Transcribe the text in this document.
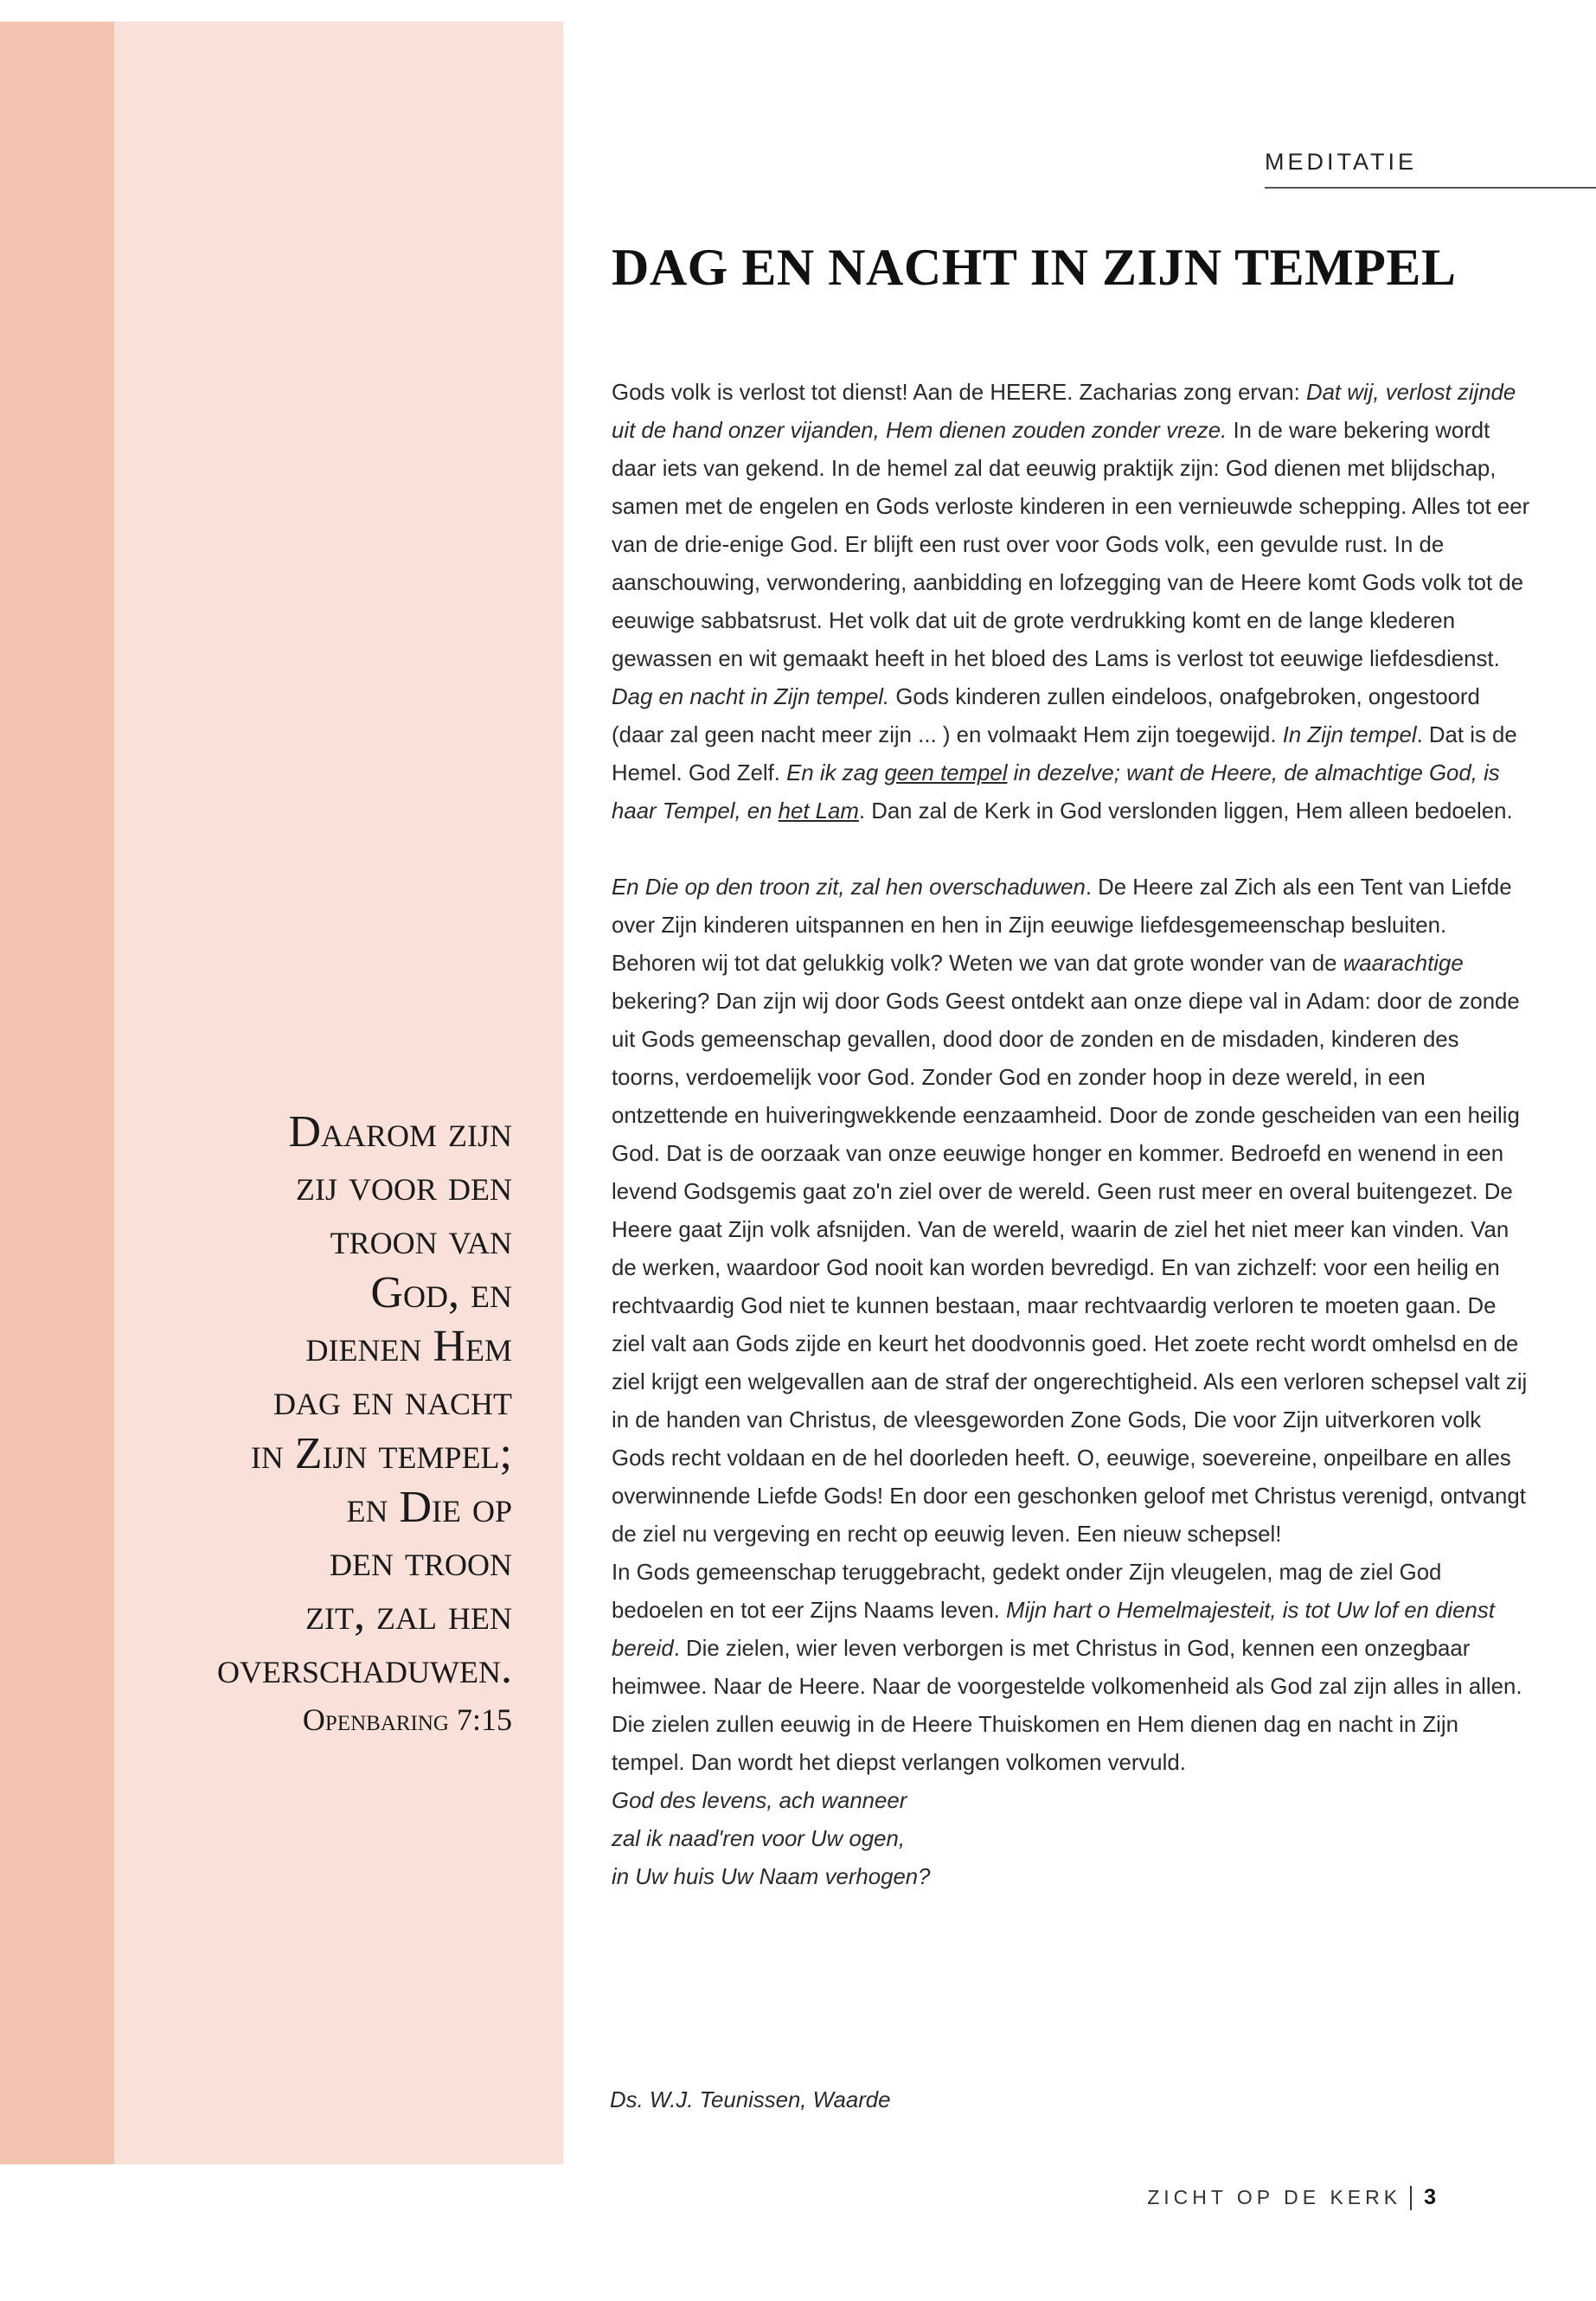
MEDITATIE
DAG EN NACHT IN ZIJN TEMPEL

Gods volk is verlost tot dienst! Aan de HEERE. Zacharias zong ervan: Dat wij, verlost zijnde uit de hand onzer vijanden, Hem dienen zouden zonder vreze. In de ware bekering wordt daar iets van gekend. In de hemel zal dat eeuwig praktijk zijn: God dienen met blijdschap, samen met de engelen en Gods verloste kinderen in een vernieuwde schepping. Alles tot eer van de drie-enige God. Er blijft een rust over voor Gods volk, een gevulde rust. In de aanschouwing, verwondering, aanbidding en lofzegging van de Heere komt Gods volk tot de eeuwige sabbatsrust. Het volk dat uit de grote verdrukking komt en de lange klederen gewassen en wit gemaakt heeft in het bloed des Lams is verlost tot eeuwige liefdesdienst. Dag en nacht in Zijn tempel. Gods kinderen zullen eindeloos, onafgebroken, ongestoord (daar zal geen nacht meer zijn ... ) en volmaakt Hem zijn toegewijd. In Zijn tempel. Dat is de Hemel. God Zelf. En ik zag geen tempel in dezelve; want de Heere, de almachtige God, is haar Tempel, en het Lam. Dan zal de Kerk in God verslonden liggen, Hem alleen bedoelen.

En Die op den troon zit, zal hen overschaduwen. De Heere zal Zich als een Tent van Liefde over Zijn kinderen uitspannen en hen in Zijn eeuwige liefdesgemeenschap besluiten. Behoren wij tot dat gelukkig volk? Weten we van dat grote wonder van de waarachtige bekering? Dan zijn wij door Gods Geest ontdekt aan onze diepe val in Adam: door de zonde uit Gods gemeenschap gevallen, dood door de zonden en de misdaden, kinderen des toorns, verdoemelijk voor God. Zonder God en zonder hoop in deze wereld, in een ontzettende en huiveringwekkende eenzaamheid. Door de zonde gescheiden van een heilig God. Dat is de oorzaak van onze eeuwige honger en kommer. Bedroefd en wenend in een levend Godsgemis gaat zo'n ziel over de wereld. Geen rust meer en overal buitengezet. De Heere gaat Zijn volk afsnijden. Van de wereld, waarin de ziel het niet meer kan vinden. Van de werken, waardoor God nooit kan worden bevredigd. En van zichzelf: voor een heilig en rechtvaardig God niet te kunnen bestaan, maar rechtvaardig verloren te moeten gaan. De ziel valt aan Gods zijde en keurt het doodvonnis goed. Het zoete recht wordt omhelsd en de ziel krijgt een welgevallen aan de straf der ongerechtigheid. Als een verloren schepsel valt zij in de handen van Christus, de vleesgeworden Zone Gods, Die voor Zijn uitverkoren volk Gods recht voldaan en de hel doorleden heeft. O, eeuwige, soevereine, onpeilbare en alles overwinnende Liefde Gods! En door een geschonken geloof met Christus verenigd, ontvangt de ziel nu vergeving en recht op eeuwig leven. Een nieuw schepsel!

In Gods gemeenschap teruggebracht, gedekt onder Zijn vleugelen, mag de ziel God bedoelen en tot eer Zijns Naams leven. Mijn hart o Hemelmajesteit, is tot Uw lof en dienst bereid. Die zielen, wier leven verborgen is met Christus in God, kennen een onzegbaar heimwee. Naar de Heere. Naar de voorgestelde volkomenheid als God zal zijn alles in allen. Die zielen zullen eeuwig in de Heere Thuiskomen en Hem dienen dag en nacht in Zijn tempel. Dan wordt het diepst verlangen volkomen vervuld.

God des levens, ach wanneer
zal ik naad'ren voor Uw ogen,
in Uw huis Uw Naam verhogen?

Ds. W.J. Teunissen, Waarde
Daarom zijn
zij voor den
troon van
God, en
dienen Hem
dag en nacht
in Zijn tempel;
en Die op
den troon
zit, zal hen
overschaduwen.
Openbaring 7:15
ZICHT OP DE KERK 3
